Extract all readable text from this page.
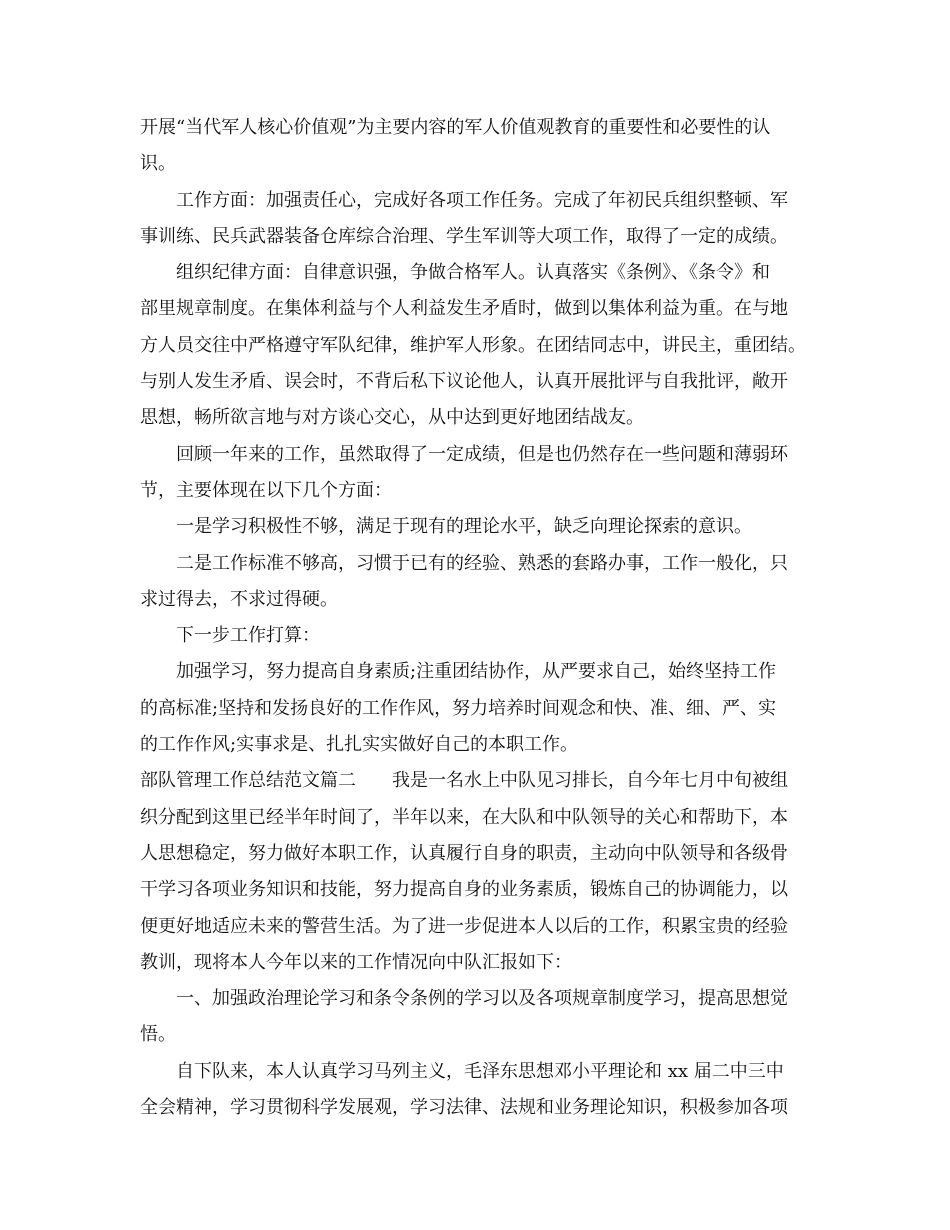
开展“当代军人核心价值观”为主要内容的军人价值观教育的重要性和必要性的认
识。
工作方面：加强责任心，完成好各项工作任务。完成了年初民兵组织整顿、军
事训练、民兵武器装备仓库综合治理、学生军训等大项工作，取得了一定的成绩。
组织纪律方面：自律意识强，争做合格军人。认真落实《条例》、《条令》和
部里规章制度。在集体利益与个人利益发生矛盾时，做到以集体利益为重。在与地
方人员交往中严格遵守军队纪律，维护军人形象。在团结同志中，讲民主，重团结。
与别人发生矛盾、误会时，不背后私下议论他人，认真开展批评与自我批评，敞开
思想，畅所欲言地与对方谈心交心，从中达到更好地团结战友。
回顾一年来的工作，虽然取得了一定成绩，但是也仍然存在一些问题和薄弱环
节，主要体现在以下几个方面：
一是学习积极性不够，满足于现有的理论水平，缺乏向理论探索的意识。
二是工作标准不够高，习惯于已有的经验、熟悉的套路办事，工作一般化，只
求过得去，不求过得硬。
下一步工作打算：
加强学习，努力提高自身素质;注重团结协作，从严要求自己，始终坚持工作
的高标准;坚持和发扬良好的工作作风，努力培养时间观念和快、准、细、严、实
的工作作风;实事求是、扎扎实实做好自己的本职工作。
部队管理工作总结范文篇二　　我是一名水上中队见习排长，自今年七月中旬被组
织分配到这里已经半年时间了，半年以来，在大队和中队领导的关心和帮助下，本
人思想稳定，努力做好本职工作，认真履行自身的职责，主动向中队领导和各级骨
干学习各项业务知识和技能，努力提高自身的业务素质，锻炼自己的协调能力，以
便更好地适应未来的警营生活。为了进一步促进本人以后的工作，积累宝贵的经验
教训，现将本人今年以来的工作情况向中队汇报如下：
一、加强政治理论学习和条令条例的学习以及各项规章制度学习，提高思想觉
悟。
自下队来，本人认真学习马列主义，毛泽东思想邓小平理论和 xx 届二中三中
全会精神，学习贯彻科学发展观，学习法律、法规和业务理论知识，积极参加各项
